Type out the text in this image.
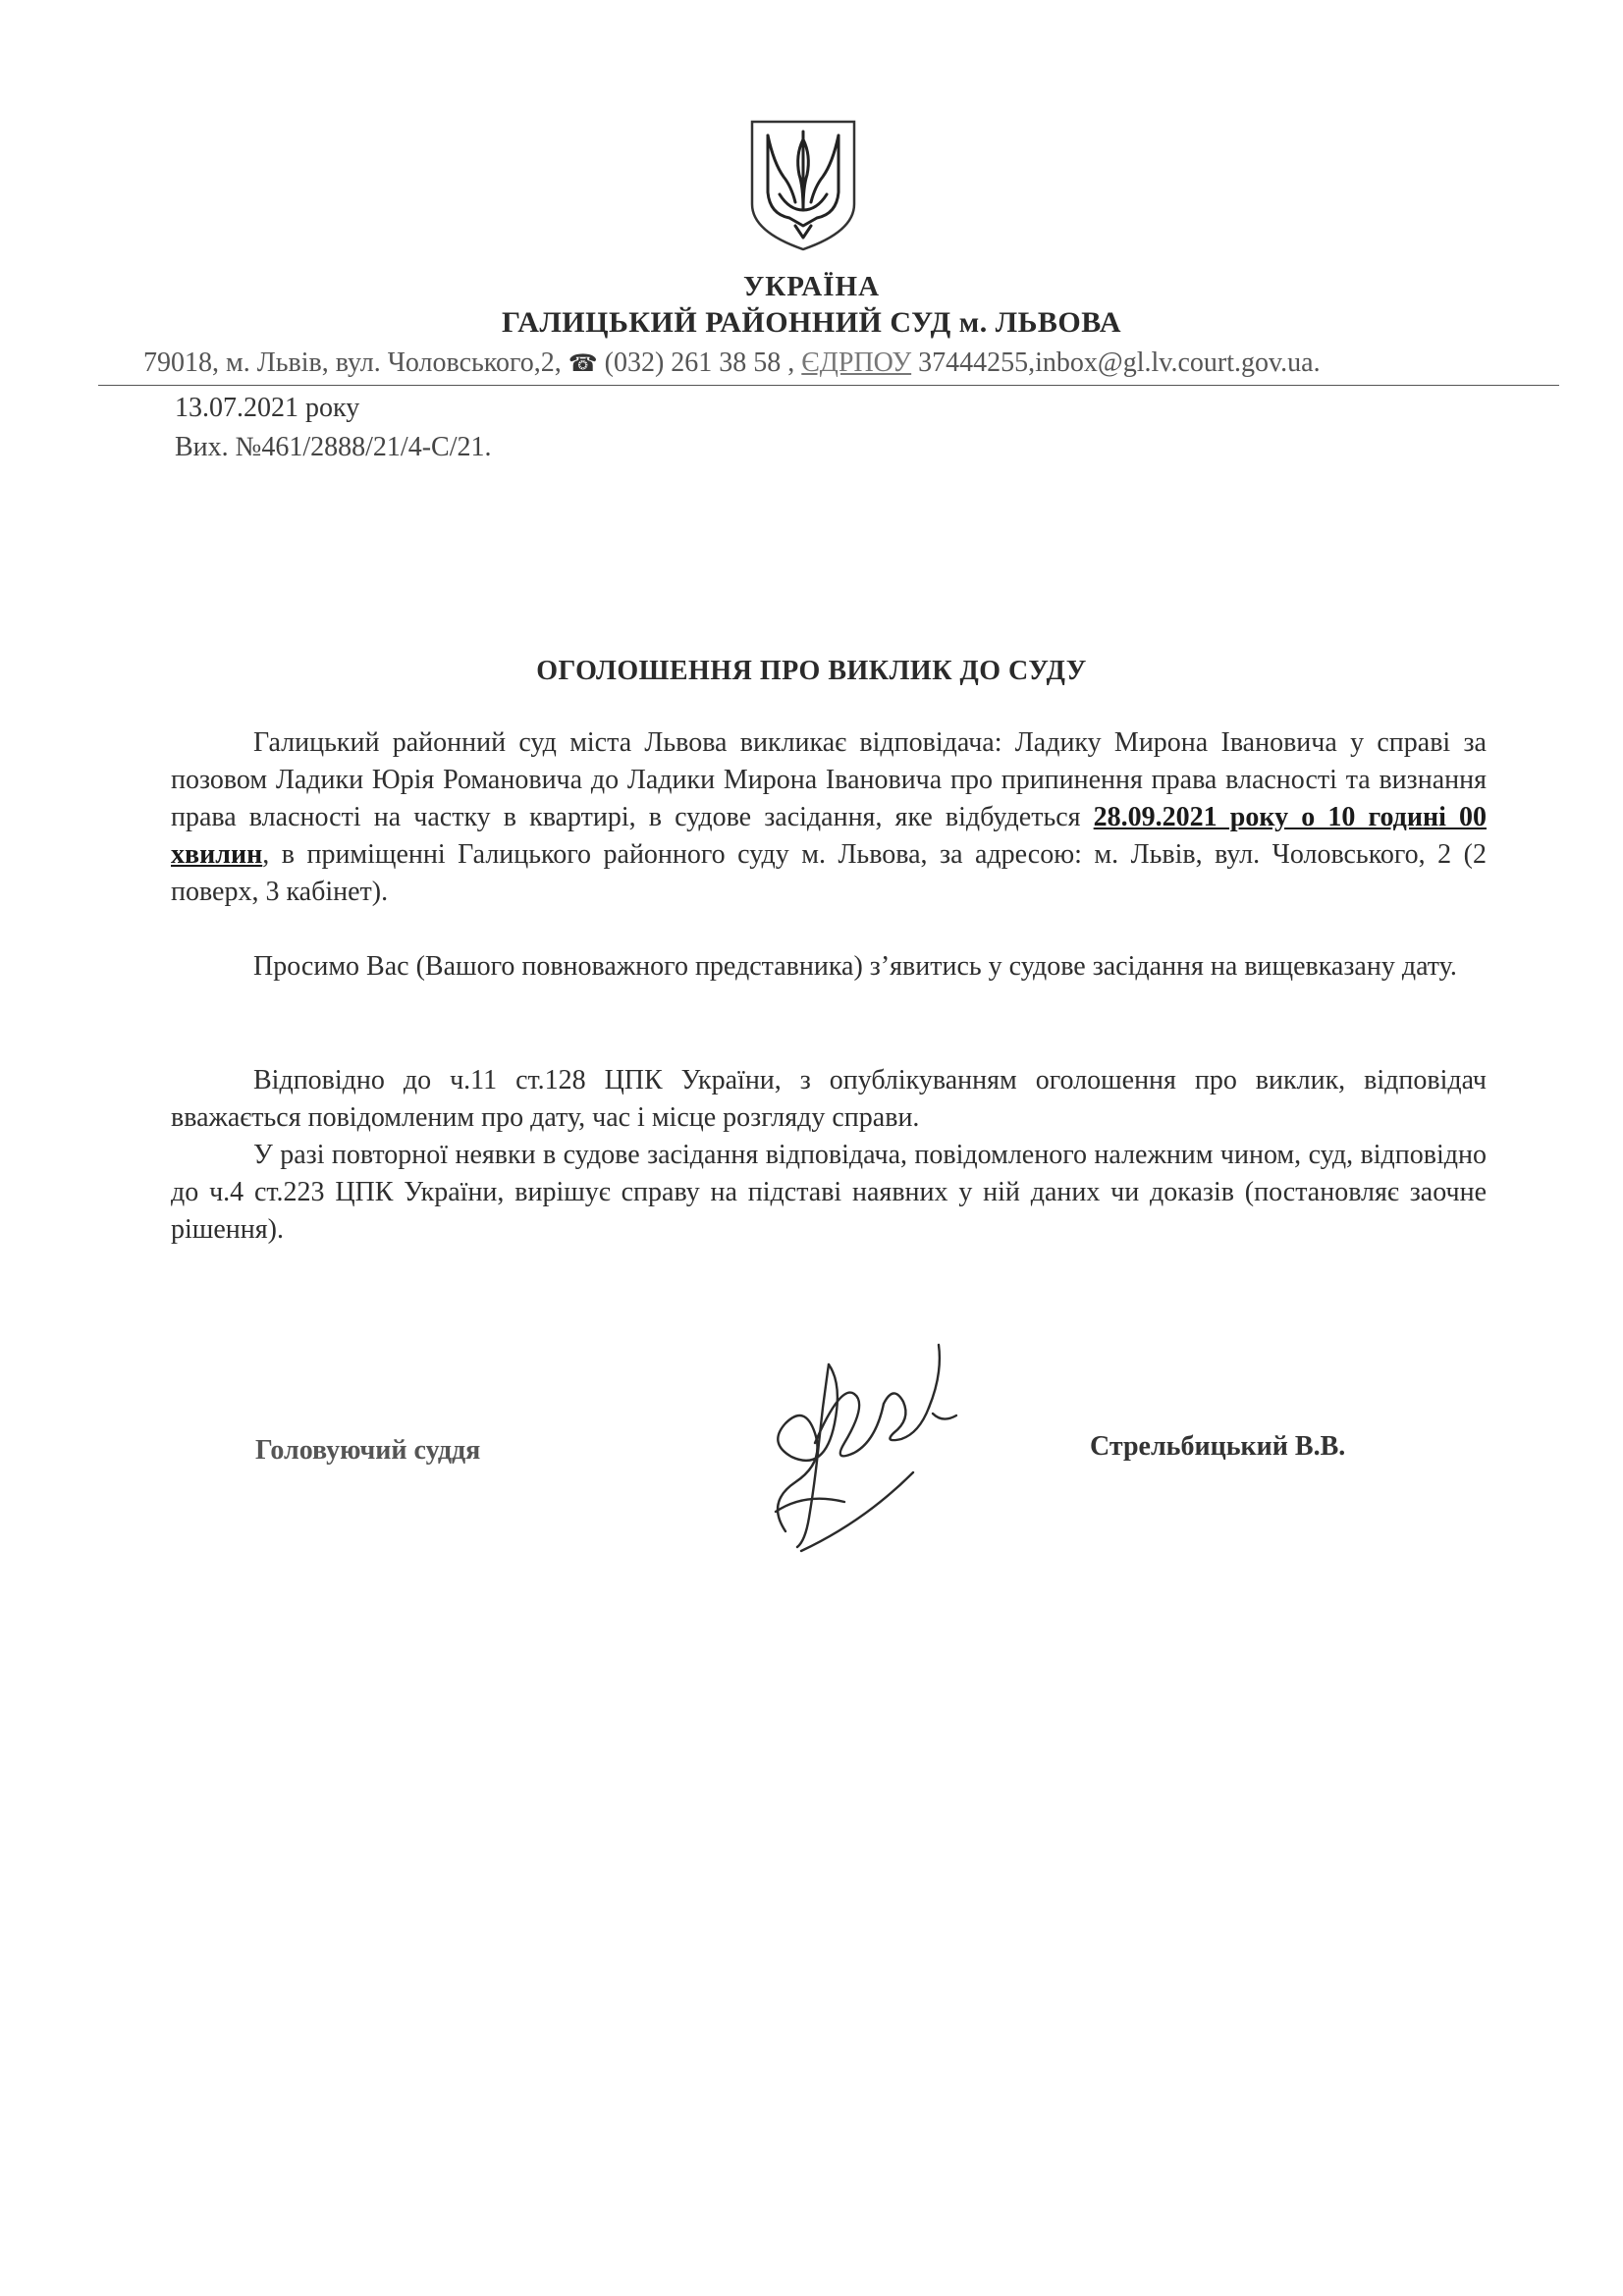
УКРАЇНА
ГАЛИЦЬКИЙ РАЙОННИЙ СУД м. ЛЬВОВА
79018, м. Львів, вул. Чоловського,2, ☎ (032) 261 38 58 , ЄДРПОУ 37444255,inbox@gl.lv.court.gov.ua.
13.07.2021 року
Вих. №461/2888/21/4-С/21.
ОГОЛОШЕННЯ ПРО ВИКЛИК ДО СУДУ

Галицький районний суд міста Львова викликає відповідача: Ладику Мирона Івановича у справі за позовом Ладики Юрія Романовича до Ладики Мирона Івановича про припинення права власності та визнання права власності на частку в квартирі, в судове засідання, яке відбудеться 28.09.2021 року о 10 годині 00 хвилин, в приміщенні Галицького районного суду м. Львова, за адресою: м. Львів, вул. Чоловського, 2 (2 поверх, 3 кабінет).

Просимо Вас (Вашого повноважного представника) з’явитись у судове засідання на вищевказану дату.

Відповідно до ч.11 ст.128 ЦПК України, з опублікуванням оголошення про виклик, відповідач вважається повідомленим про дату, час і місце розгляду справи.

У разі повторної неявки в судове засідання відповідача, повідомленого належним чином, суд, відповідно до ч.4 ст.223 ЦПК України, вирішує справу на підставі наявних у ній даних чи доказів (постановляє заочне рішення).

Головуючий суддя	Стрельбицький В.В.
